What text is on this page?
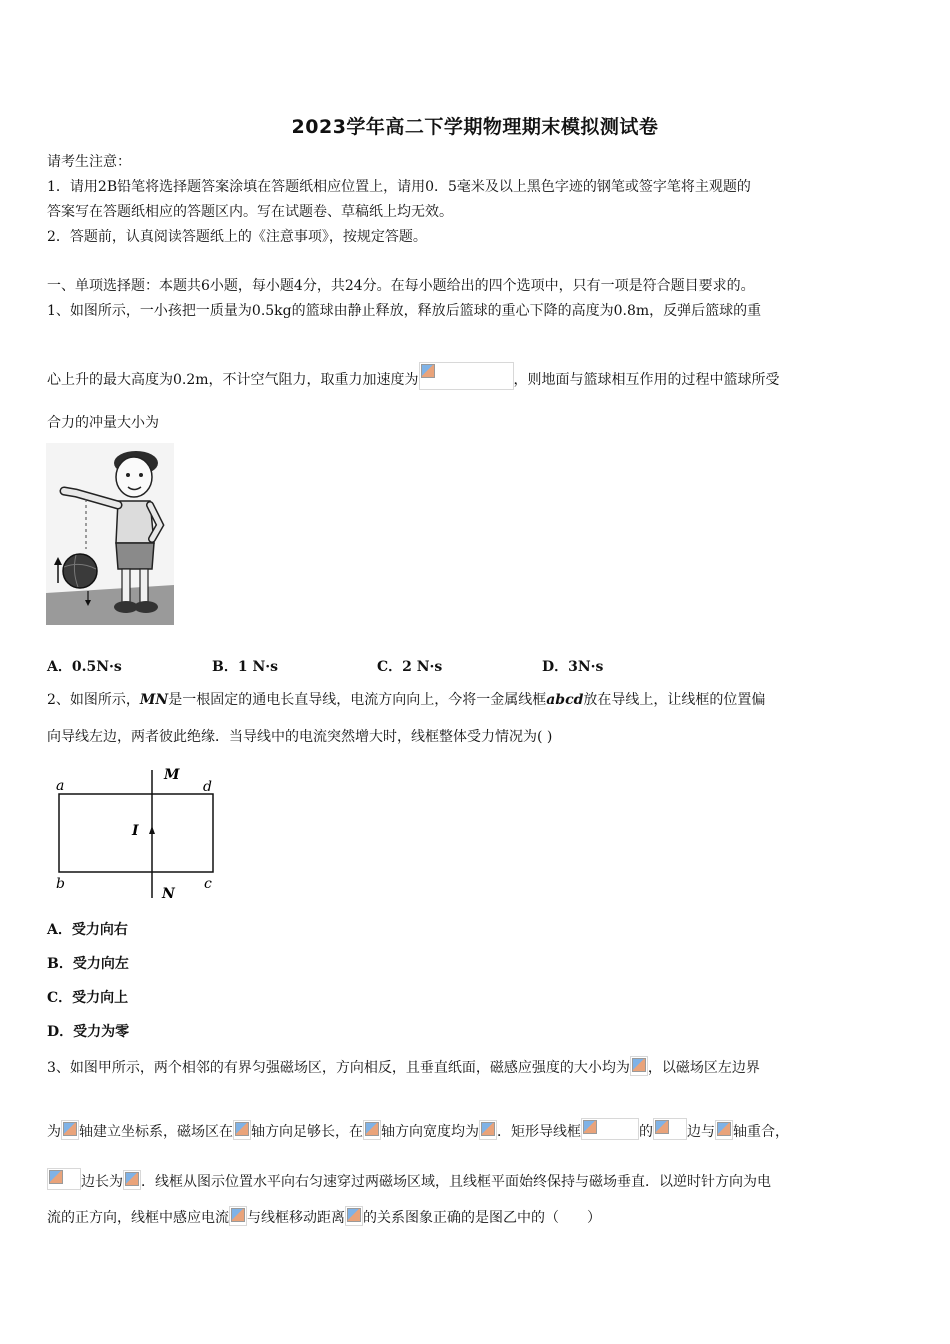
2023学年高二下学期物理期末模拟测试卷
请考生注意：
1．请用2B铅笔将选择题答案涂填在答题纸相应位置上，请用0．5毫米及以上黑色字迹的钢笔或签字笔将主观题的
答案写在答题纸相应的答题区内。写在试题卷、草稿纸上均无效。
2．答题前，认真阅读答题纸上的《注意事项》，按规定答题。
一、单项选择题：本题共6小题，每小题4分，共24分。在每小题给出的四个选项中，只有一项是符合题目要求的。
1、如图所示，一小孩把一质量为0.5kg的篮球由静止释放，释放后篮球的重心下降的高度为0.8m，反弹后篮球的重
心上升的最大高度为0.2m，不计空气阻力，取重力加速度为	，则地面与篮球相互作用的过程中篮球所受
合力的冲量大小为
A．0.5N·s	B．1 N·s	C．2 N·s	D．3N·s
2、如图所示，MN是一根固定的通电长直导线，电流方向向上，今将一金属线框abcd放在导线上，让线框的位置偏
向导线左边，两者彼此绝缘．当导线中的电流突然增大时，线框整体受力情况为( )
a	d
b	c
M
N
I
A．受力向右
B．受力向左
C．受力向上
D．受力为零
3、如图甲所示，两个相邻的有界匀强磁场区，方向相反，且垂直纸面，磁感应强度的大小均为 ，以磁场区左边界
为 轴建立坐标系，磁场区在 轴方向足够长，在 轴方向宽度均为 ．矩形导线框	的 边与 轴重合，
边长为 ．线框从图示位置水平向右匀速穿过两磁场区域，且线框平面始终保持与磁场垂直．以逆时针方向为电
流的正方向，线框中感应电流 与线框移动距离 的关系图象正确的是图乙中的（　　）
